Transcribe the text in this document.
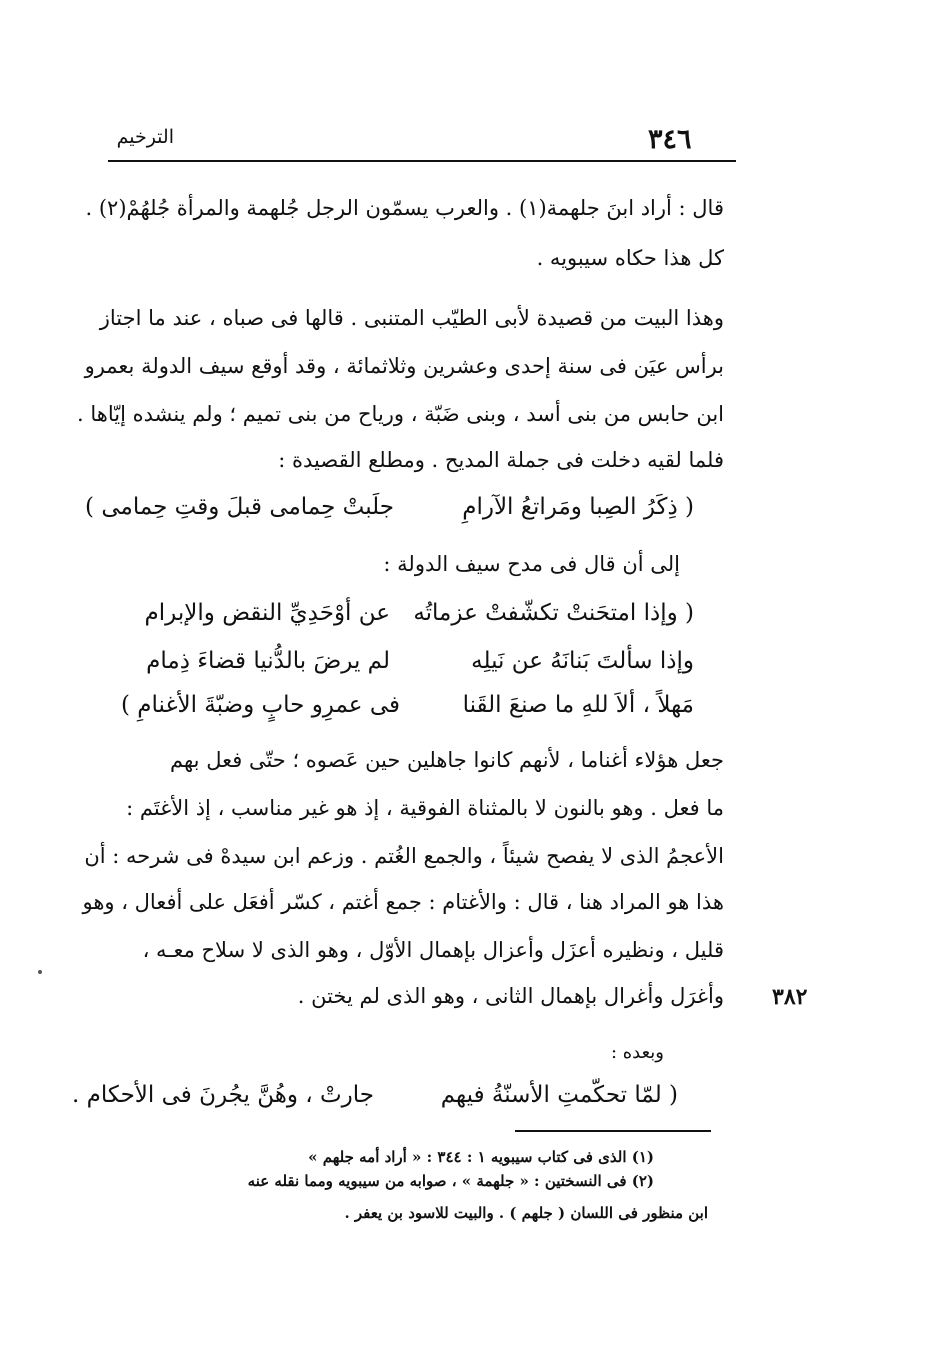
الترخيم	٣٤٦
قال : أراد ابنَ جلهمة(١) . والعرب يسمّون الرجل جُلهمة والمرأة جُلهُمْ(٢) .
كل هذا حكاه سيبويه .
وهذا البيت من قصيدة لأبى الطيّب المتنبى . قالها فى صباه ، عند ما اجتاز
برأس عيَن فى سنة إحدى وعشرين وثلاثمائة ، وقد أوقع سيف الدولة بعمرو
ابن حابس من بنى أسد ، وبنى ضَبّة ، ورياح من بنى تميم ؛ ولم ينشده إيّاها .
فلما لقيه دخلت فى جملة المديح . ومطلع القصيدة :
( ذِكَرُ الصِبا ومَراتعُ الآرامِ
جلَبتْ حِمامى قبلَ وقتِ حِمامى )
إلى أن قال فى مدح سيف الدولة :
( وإذا امتحَنتْ تكشّفتْ عزماتُه
عن أوْحَدِيِّ النقض والإبرام
وإذا سألتَ بَنانَهُ عن نَيلِه
لم يرضَ بالدُّنيا قضاءَ ذِمام
مَهلاً ، ألاَ للهِ ما صنعَ القَنا
فى عمرِو حابٍ وضبّةَ الأغنامِ )
جعل هؤلاء أغناما ، لأنهم كانوا جاهلين حين عَصوه ؛ حتّى فعل بهم
ما فعل . وهو بالنون لا بالمثناة الفوقية ، إذ هو غير مناسب ، إذ الأغتَم :
الأعجمُ الذى لا يفصح شيئاً ، والجمع الغُتم . وزعم ابن سيدهْ فى شرحه : أن
هذا هو المراد هنا ، قال : والأغتام : جمع أغتم ، كسّر أفعَل على أفعال ، وهو
قليل ، ونظيره أعزَل وأعزال بإهمال الأوّل ، وهو الذى لا سلاح معـه ،
وأغرَل وأغرال بإهمال الثانى ، وهو الذى لم يختن . ٣٨٢
وبعده :
( لمّا تحكّمتِ الأسنّةُ فيهم
جارتْ ، وهُنَّ يجُرنَ فى الأحكام .
(١) الذى فى كتاب سيبويه ١ : ٣٤٤ : « أراد أمه جلهم »
(٢) فى النسختين : « جلهمة » ، صوابه من سيبويه ومما نقله عنه
ابن منظور فى اللسان ( جلهم ) . والبيت للاسود بن يعفر .
